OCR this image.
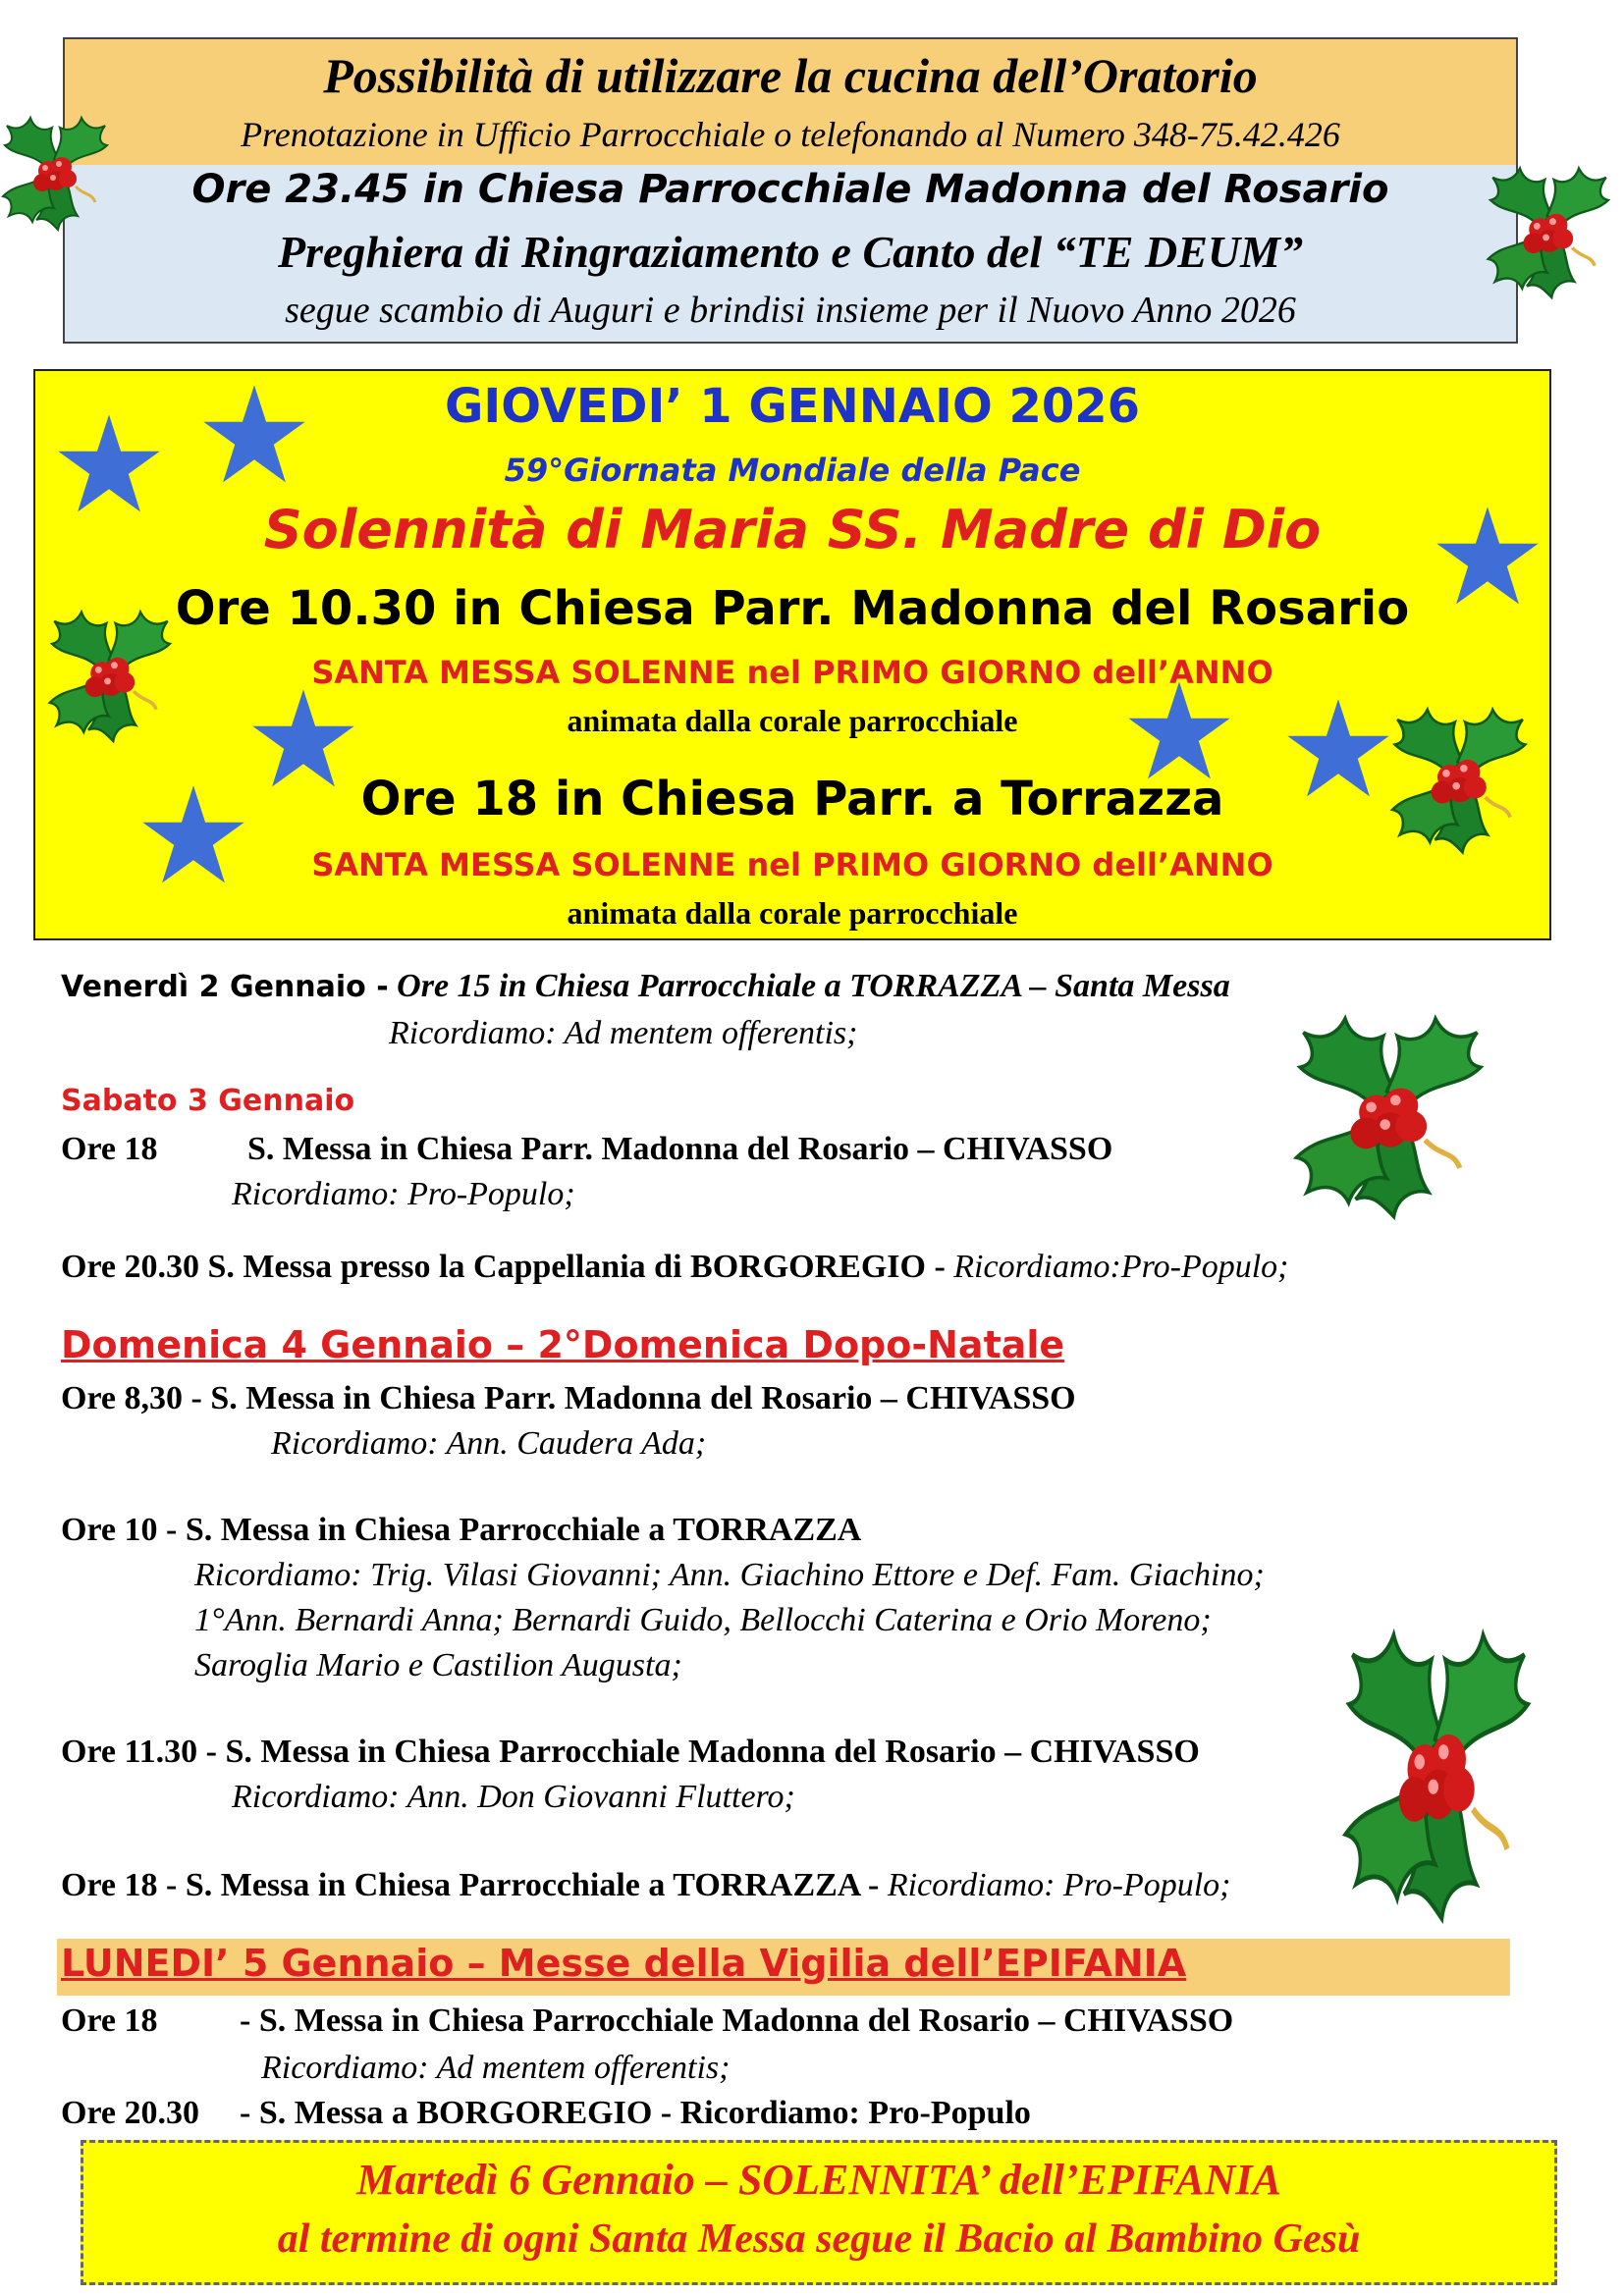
Possibilità di utilizzare la cucina dell’Oratorio
Prenotazione in Ufficio Parrocchiale o telefonando al Numero 348-75.42.426
Ore 23.45 in Chiesa Parrocchiale Madonna del Rosario
Preghiera di Ringraziamento e Canto del “TE DEUM”
segue scambio di Auguri e brindisi insieme per il Nuovo Anno 2026
GIOVEDI’ 1 GENNAIO 2026
59°Giornata Mondiale della Pace
Solennità di Maria SS. Madre di Dio
Ore 10.30 in Chiesa Parr. Madonna del Rosario
SANTA MESSA SOLENNE nel PRIMO GIORNO dell’ANNO
animata dalla corale parrocchiale
Ore 18 in Chiesa Parr. a Torrazza
SANTA MESSA SOLENNE nel PRIMO GIORNO dell’ANNO
animata dalla corale parrocchiale
Venerdì 2 Gennaio - Ore 15 in Chiesa Parrocchiale a TORRAZZA – Santa Messa
Ricordiamo: Ad mentem offerentis;
Sabato 3 Gennaio
Ore 18	S. Messa in Chiesa Parr. Madonna del Rosario – CHIVASSO
Ricordiamo: Pro-Populo;
Ore 20.30 S. Messa presso la Cappellania di BORGOREGIO - Ricordiamo:Pro-Populo;
Domenica 4 Gennaio – 2°Domenica Dopo-Natale
Ore 8,30 - S. Messa in Chiesa Parr. Madonna del Rosario – CHIVASSO
Ricordiamo: Ann. Caudera Ada;
Ore 10 - S. Messa in Chiesa Parrocchiale a TORRAZZA
Ricordiamo: Trig. Vilasi Giovanni; Ann. Giachino Ettore e Def. Fam. Giachino;
1°Ann. Bernardi Anna; Bernardi Guido, Bellocchi Caterina e Orio Moreno;
Saroglia Mario e Castilion Augusta;
Ore 11.30 - S. Messa in Chiesa Parrocchiale Madonna del Rosario – CHIVASSO
Ricordiamo: Ann. Don Giovanni Fluttero;
Ore 18 - S. Messa in Chiesa Parrocchiale a TORRAZZA - Ricordiamo: Pro-Populo;
LUNEDI’ 5 Gennaio – Messe della Vigilia dell’EPIFANIA
Ore 18 - S. Messa in Chiesa Parrocchiale Madonna del Rosario – CHIVASSO
Ricordiamo: Ad mentem offerentis;
Ore 20.30 - S. Messa a BORGOREGIO - Ricordiamo: Pro-Populo
Martedì 6 Gennaio – SOLENNITA’ dell’EPIFANIA
al termine di ogni Santa Messa segue il Bacio al Bambino Gesù
